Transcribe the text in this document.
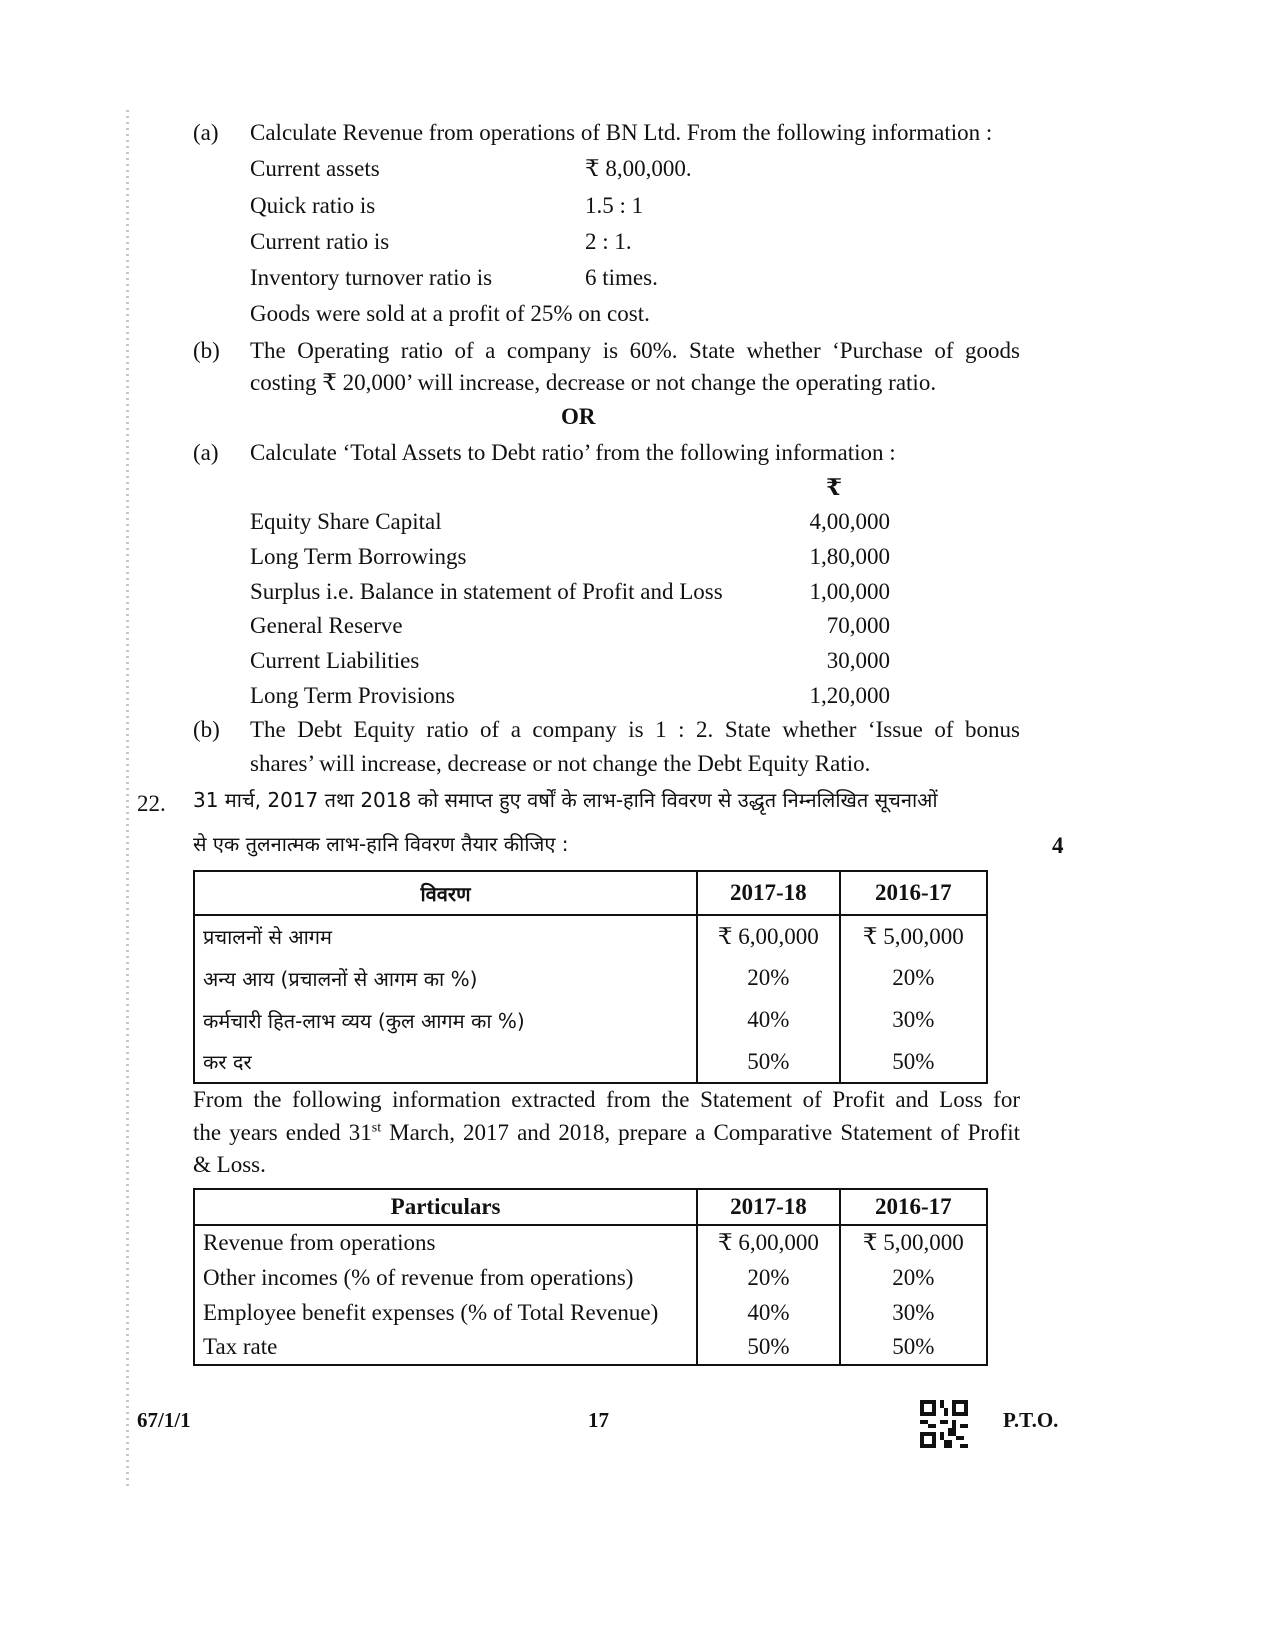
(a) Calculate Revenue from operations of BN Ltd. From the following information :
Current assets	₹ 8,00,000.
Quick ratio is	1.5 : 1
Current ratio is	2 : 1.
Inventory turnover ratio is	6 times.
Goods were sold at a profit of 25% on cost.
(b) The Operating ratio of a company is 60%. State whether ‘Purchase of goods
costing ₹ 20,000’ will increase, decrease or not change the operating ratio.
OR
(a) Calculate ‘Total Assets to Debt ratio’ from the following information :
₹
Equity Share Capital	4,00,000
Long Term Borrowings	1,80,000
Surplus i.e. Balance in statement of Profit and Loss	1,00,000
General Reserve	70,000
Current Liabilities	30,000
Long Term Provisions	1,20,000
(b) The Debt Equity ratio of a company is 1 : 2. State whether ‘Issue of bonus
shares’ will increase, decrease or not change the Debt Equity Ratio.
22. 31 मार्च, 2017 तथा 2018 को समाप्त हुए वर्षों के लाभ-हानि विवरण से उद्धृत निम्नलिखित सूचनाओं
से एक तुलनात्मक लाभ-हानि विवरण तैयार कीजिए :	4
विवरण	2017-18	2016-17
प्रचालनों से आगम	₹ 6,00,000	₹ 5,00,000
अन्य आय (प्रचालनों से आगम का %)	20%	20%
कर्मचारी हित-लाभ व्यय (कुल आगम का %)	40%	30%
कर दर	50%	50%
From the following information extracted from the Statement of Profit and Loss for
the years ended 31st March, 2017 and 2018, prepare a Comparative Statement of Profit
& Loss.
Particulars	2017-18	2016-17
Revenue from operations	₹ 6,00,000	₹ 5,00,000
Other incomes (% of revenue from operations)	20%	20%
Employee benefit expenses (% of Total Revenue)	40%	30%
Tax rate	50%	50%
67/1/1	17	P.T.O.
